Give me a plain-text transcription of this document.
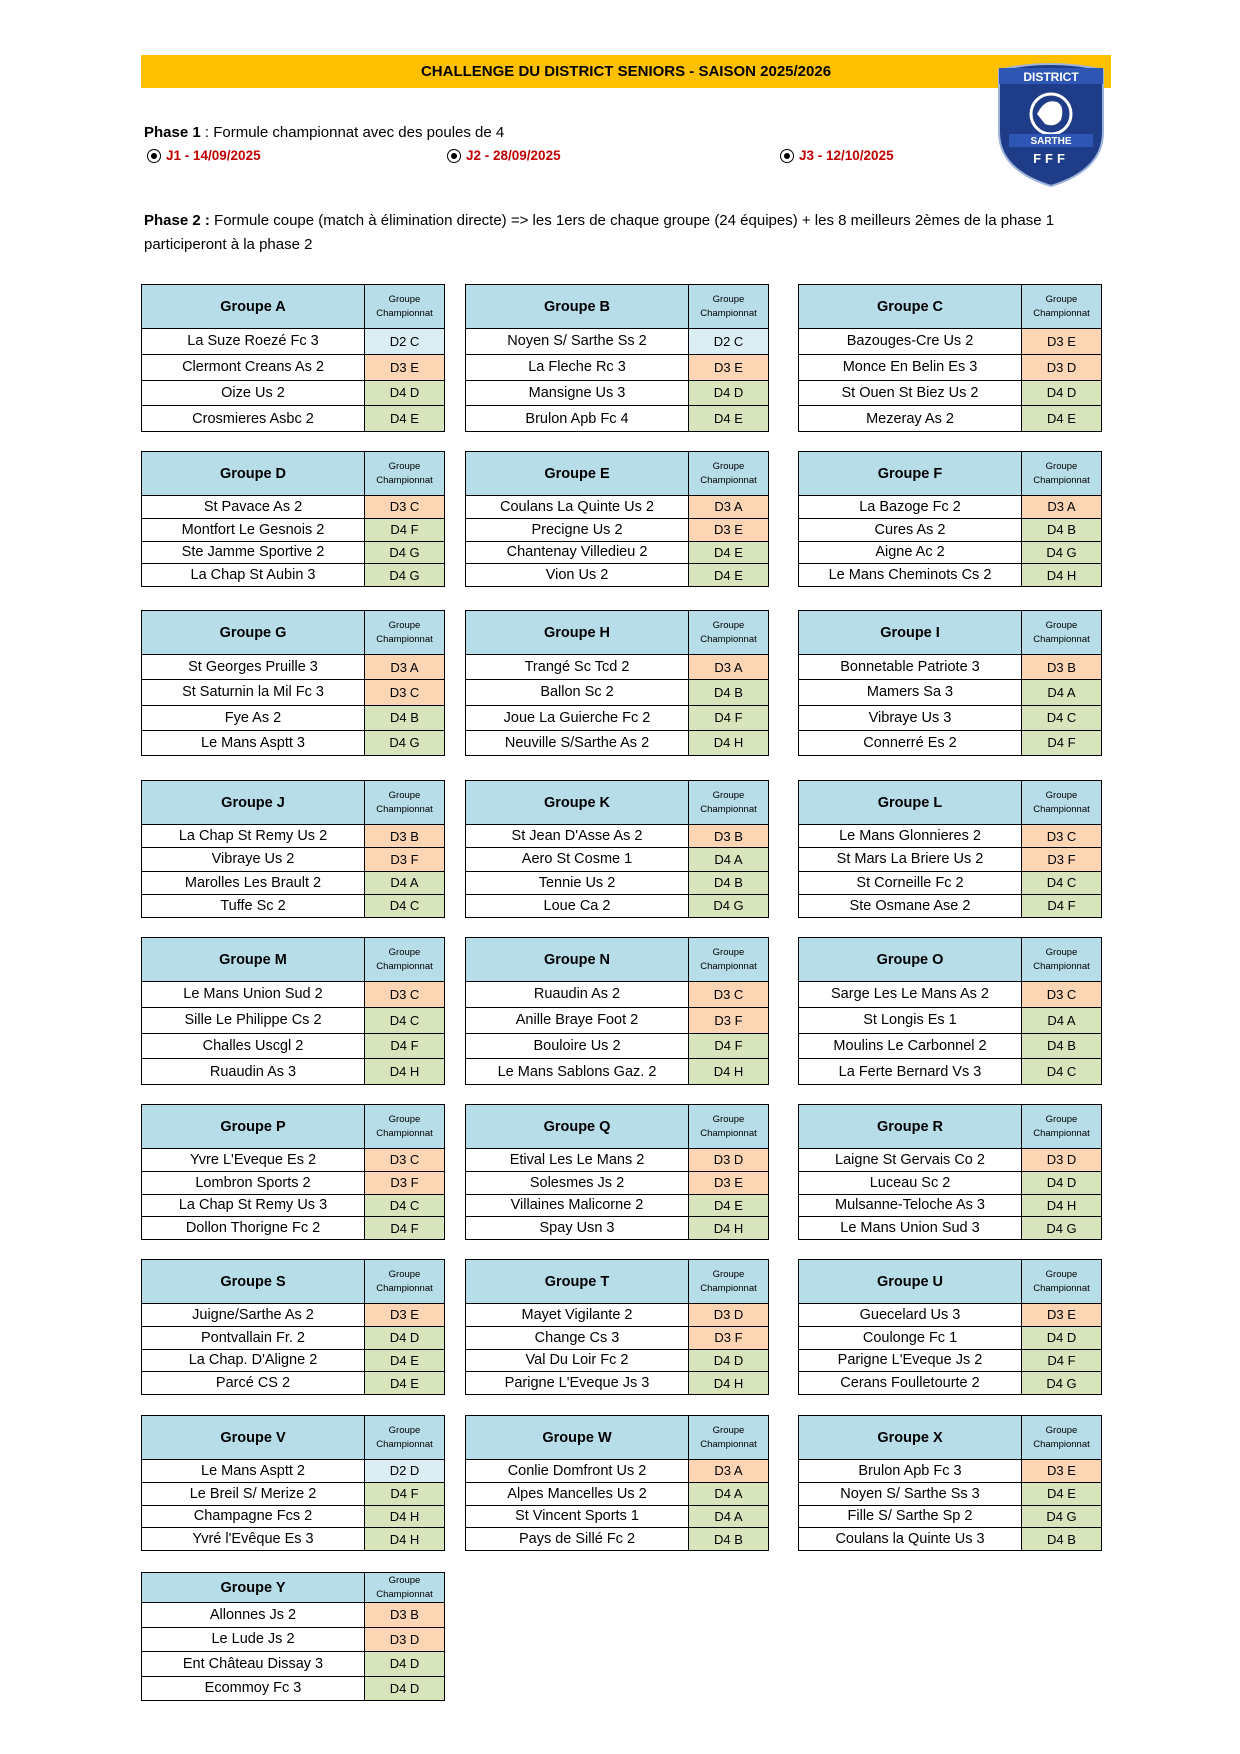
CHALLENGE DU DISTRICT SENIORS - SAISON 2025/2026	DISTRICT
SARTHE
FFF
Phase 1 : Formule championnat avec des poules de 4
J1 - 14/09/2025	J2 - 28/09/2025	J3 - 12/10/2025
Phase 2 : Formule coupe (match à élimination directe) => les 1ers de chaque groupe (24 équipes) + les 8 meilleurs 2èmes de la phase 1
participeront à la phase 2
Groupe A	Groupe
Championnat

La Suze Roezé Fc 3	D2 C
Clermont Creans As 2	D3 E
Oize Us 2	D4 D
Crosmieres Asbc 2	D4 E
Groupe B	Groupe
Championnat

Noyen S/ Sarthe Ss 2	D2 C
La Fleche Rc 3	D3 E
Mansigne Us 3	D4 D
Brulon Apb Fc 4	D4 E
Groupe C	Groupe
Championnat

Bazouges-Cre Us 2	D3 E
Monce En Belin Es 3	D3 D
St Ouen St Biez Us 2	D4 D
Mezeray As 2	D4 E
Groupe D	Groupe
Championnat

St Pavace As 2	D3 C
Montfort Le Gesnois 2	D4 F
Ste Jamme Sportive 2	D4 G
La Chap St Aubin 3	D4 G
Groupe E	Groupe
Championnat

Coulans La Quinte Us 2	D3 A
Precigne Us 2	D3 E
Chantenay Villedieu 2	D4 E
Vion Us 2	D4 E
Groupe F	Groupe
Championnat

La Bazoge Fc 2	D3 A
Cures As 2	D4 B
Aigne Ac 2	D4 G
Le Mans Cheminots Cs 2	D4 H
Groupe G	Groupe
Championnat

St Georges Pruille 3	D3 A
St Saturnin la Mil Fc 3	D3 C
Fye As 2	D4 B
Le Mans Asptt 3	D4 G
Groupe H	Groupe
Championnat

Trangé Sc Tcd 2	D3 A
Ballon Sc 2	D4 B
Joue La Guierche Fc 2	D4 F
Neuville S/Sarthe As 2	D4 H
Groupe I	Groupe
Championnat

Bonnetable Patriote 3	D3 B
Mamers Sa 3	D4 A
Vibraye Us 3	D4 C
Connerré Es 2	D4 F
Groupe J	Groupe
Championnat

La Chap St Remy Us 2	D3 B
Vibraye Us 2	D3 F
Marolles Les Brault 2	D4 A
Tuffe Sc 2	D4 C
Groupe K	Groupe
Championnat

St Jean D'Asse As 2	D3 B
Aero St Cosme 1	D4 A
Tennie Us 2	D4 B
Loue Ca 2	D4 G
Groupe L	Groupe
Championnat

Le Mans Glonnieres 2	D3 C
St Mars La Briere Us 2	D3 F
St Corneille Fc 2	D4 C
Ste Osmane Ase 2	D4 F
Groupe M	Groupe
Championnat

Le Mans Union Sud 2	D3 C
Sille Le Philippe Cs 2	D4 C
Challes Uscgl 2	D4 F
Ruaudin As 3	D4 H
Groupe N	Groupe
Championnat

Ruaudin As 2	D3 C
Anille Braye Foot 2	D3 F
Bouloire Us 2	D4 F
Le Mans Sablons Gaz. 2	D4 H
Groupe O	Groupe
Championnat

Sarge Les Le Mans As 2	D3 C
St Longis Es 1	D4 A
Moulins Le Carbonnel 2	D4 B
La Ferte Bernard Vs 3	D4 C
Groupe P	Groupe
Championnat

Yvre L'Eveque Es 2	D3 C
Lombron Sports 2	D3 F
La Chap St Remy Us 3	D4 C
Dollon Thorigne Fc 2	D4 F
Groupe Q	Groupe
Championnat

Etival Les Le Mans 2	D3 D
Solesmes Js 2	D3 E
Villaines Malicorne 2	D4 E
Spay Usn 3	D4 H
Groupe R	Groupe
Championnat

Laigne St Gervais Co 2	D3 D
Luceau Sc 2	D4 D
Mulsanne-Teloche As 3	D4 H
Le Mans Union Sud 3	D4 G
Groupe S	Groupe
Championnat

Juigne/Sarthe As 2	D3 E
Pontvallain Fr. 2	D4 D
La Chap. D'Aligne 2	D4 E
Parcé CS 2	D4 E
Groupe T	Groupe
Championnat

Mayet Vigilante 2	D3 D
Change Cs 3	D3 F
Val Du Loir Fc 2	D4 D
Parigne L'Eveque Js 3	D4 H
Groupe U	Groupe
Championnat

Guecelard Us 3	D3 E
Coulonge Fc 1	D4 D
Parigne L'Eveque Js 2	D4 F
Cerans Foulletourte 2	D4 G
Groupe V	Groupe
Championnat

Le Mans Asptt 2	D2 D
Le Breil S/ Merize 2	D4 F
Champagne Fcs 2	D4 H
Yvré l'Evêque Es 3	D4 H
Groupe W	Groupe
Championnat

Conlie Domfront Us 2	D3 A
Alpes Mancelles Us 2	D4 A
St Vincent Sports 1	D4 A
Pays de Sillé Fc 2	D4 B
Groupe X	Groupe
Championnat

Brulon Apb Fc 3	D3 E
Noyen S/ Sarthe Ss 3	D4 E
Fille S/ Sarthe Sp 2	D4 G
Coulans la Quinte Us 3	D4 B
Groupe Y	Groupe
Championnat

Allonnes Js 2	D3 B
Le Lude Js 2	D3 D
Ent Château Dissay 3	D4 D
Ecommoy Fc 3	D4 D
